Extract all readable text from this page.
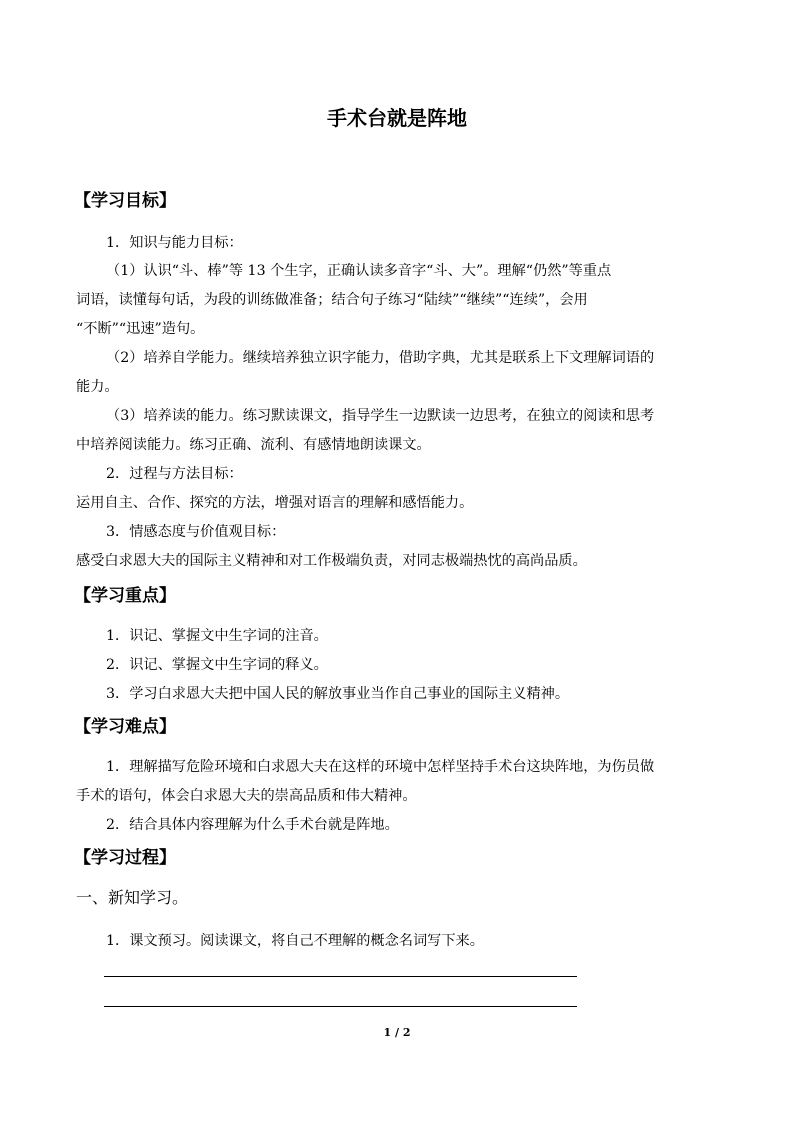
手术台就是阵地
【学习目标】
1．知识与能力目标：
（1）认识“斗、棒”等 13 个生字，正确认读多音字“斗、大”。理解“仍然”等重点
词语，读懂每句话，为段的训练做准备；结合句子练习“陆续”“继续”“连续”，会用
“不断”“迅速”造句。
（2）培养自学能力。继续培养独立识字能力，借助字典，尤其是联系上下文理解词语的
能力。
（3）培养读的能力。练习默读课文，指导学生一边默读一边思考，在独立的阅读和思考
中培养阅读能力。练习正确、流利、有感情地朗读课文。
2．过程与方法目标：
运用自主、合作、探究的方法，增强对语言的理解和感悟能力。
3．情感态度与价值观目标：
感受白求恩大夫的国际主义精神和对工作极端负责，对同志极端热忱的高尚品质。
【学习重点】
1．识记、掌握文中生字词的注音。
2．识记、掌握文中生字词的释义。
3．学习白求恩大夫把中国人民的解放事业当作自己事业的国际主义精神。
【学习难点】
1．理解描写危险环境和白求恩大夫在这样的环境中怎样坚持手术台这块阵地，为伤员做
手术的语句，体会白求恩大夫的崇高品质和伟大精神。
2．结合具体内容理解为什么手术台就是阵地。
【学习过程】
一、新知学习。
1．课文预习。阅读课文，将自己不理解的概念名词写下来。
1 / 2
